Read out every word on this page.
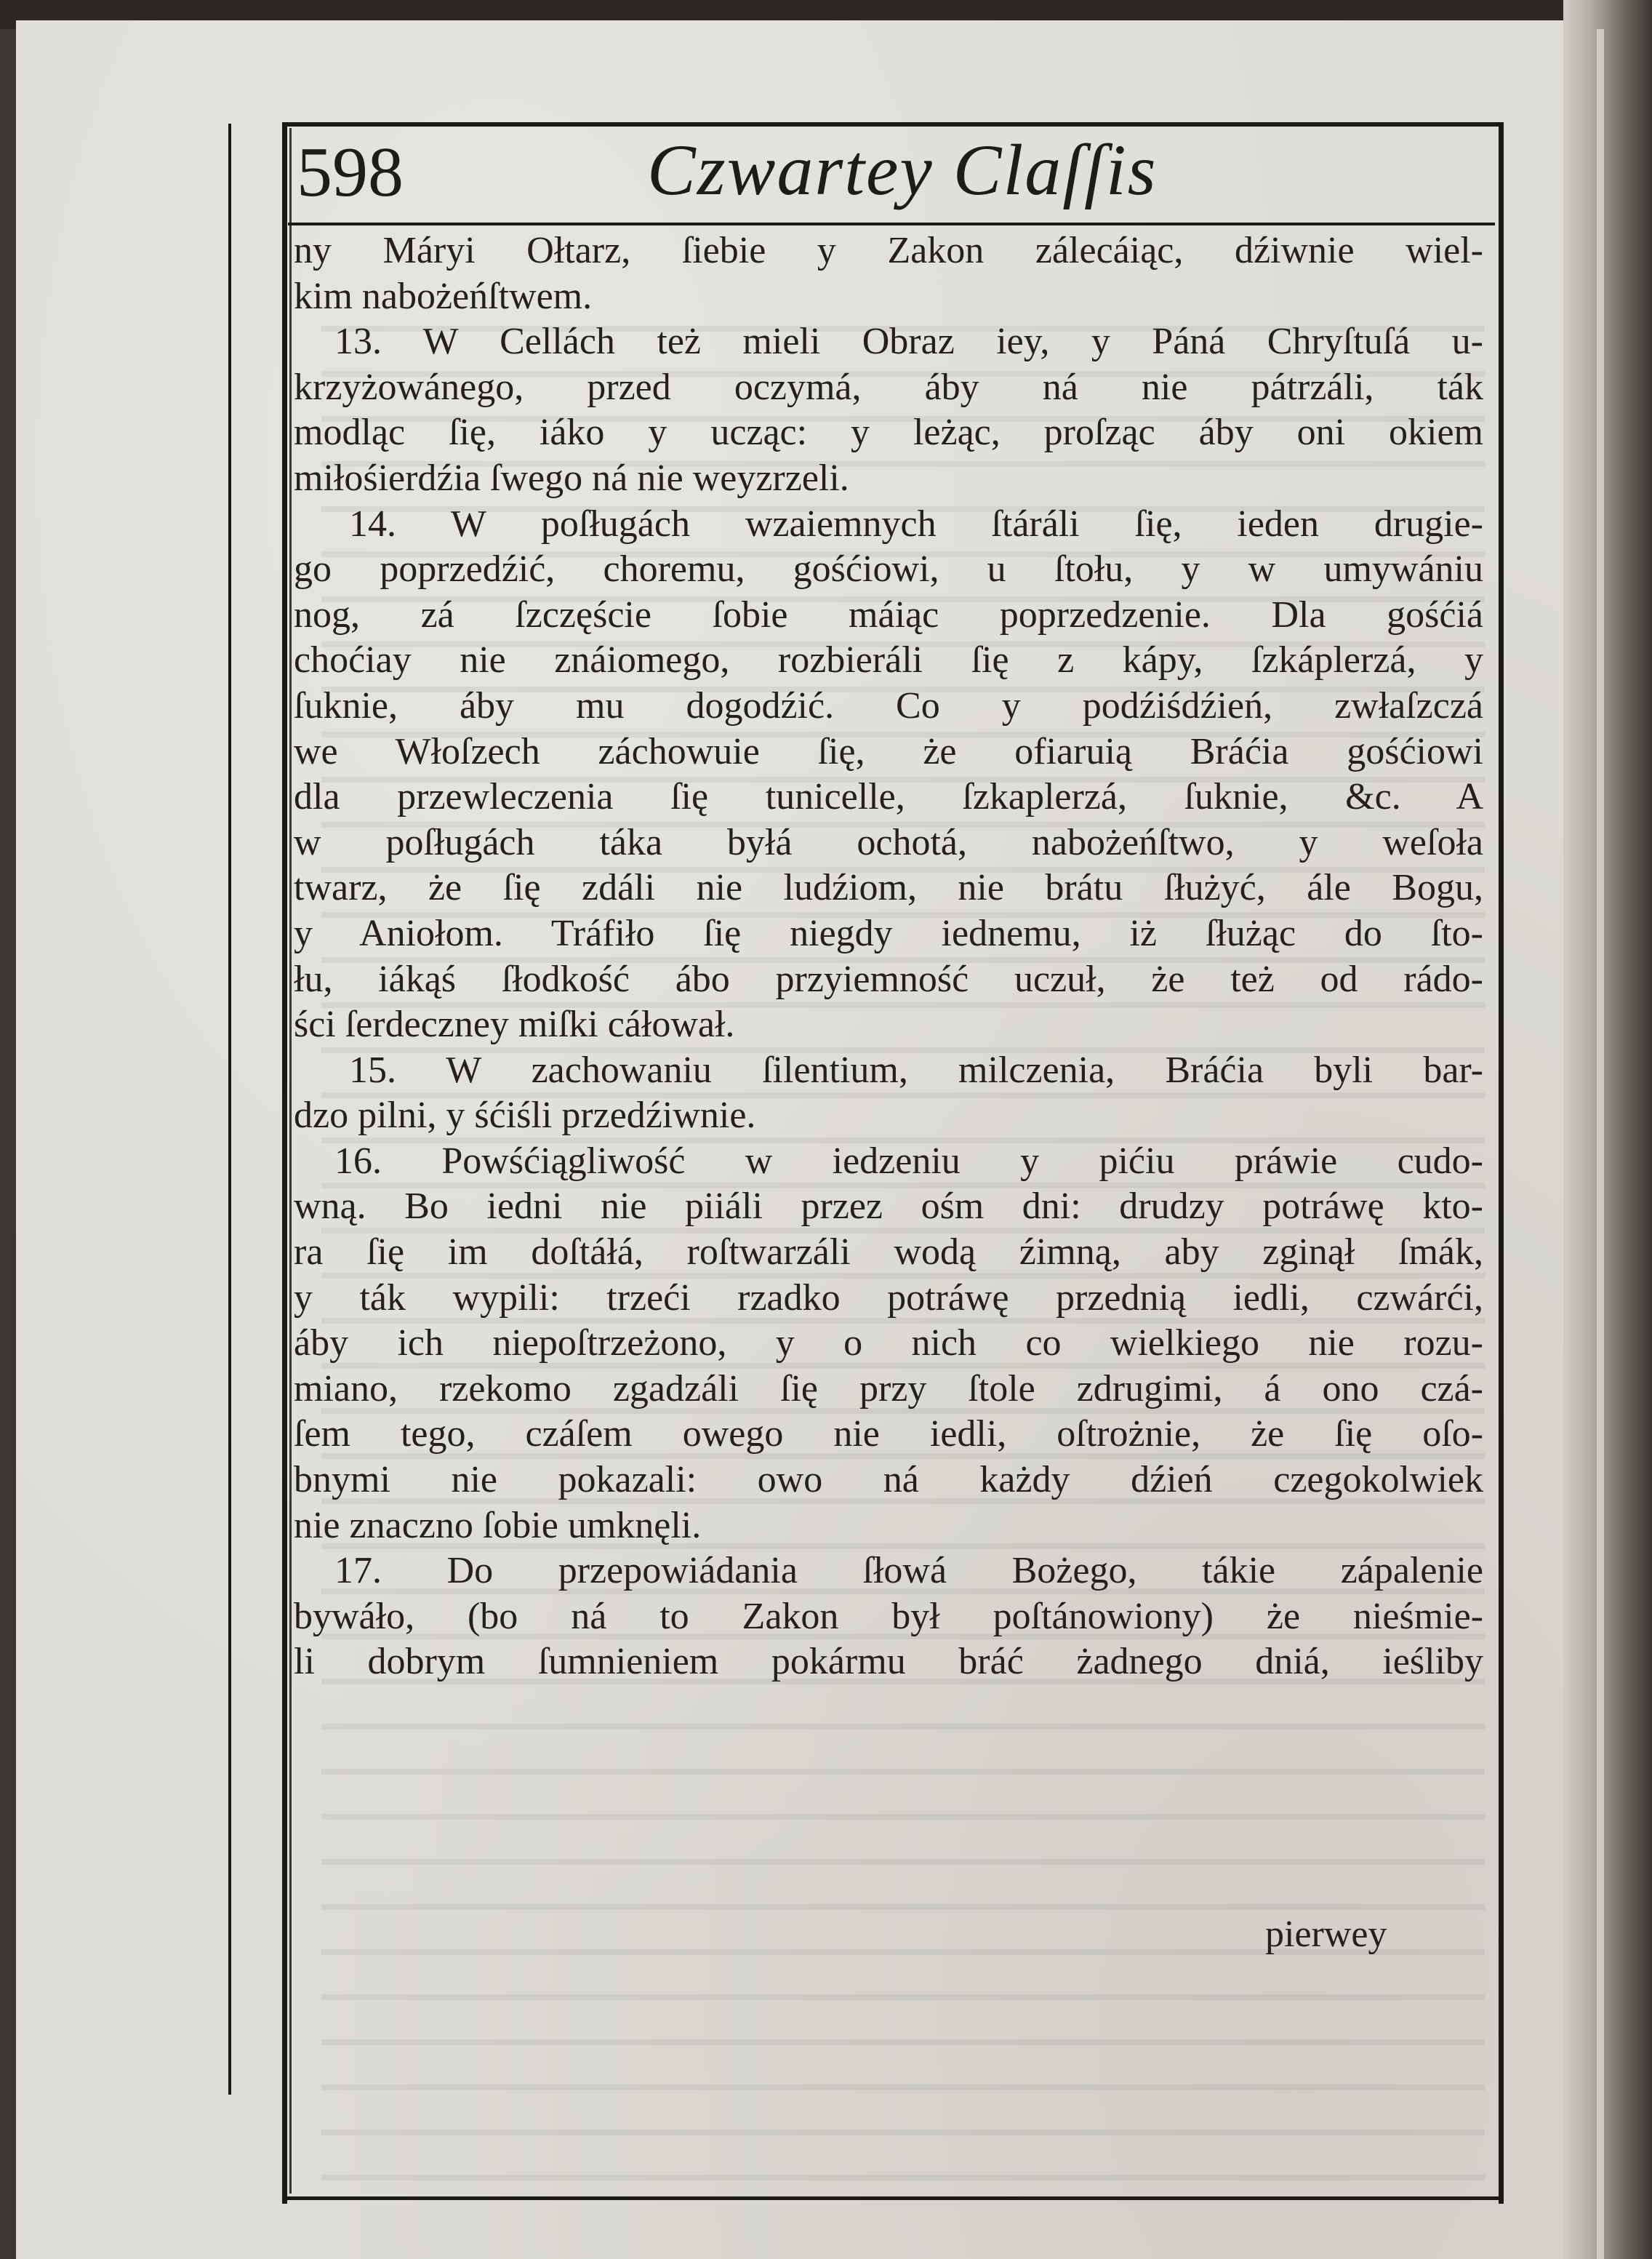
598	Czwartey Claſſis
ny Máryi Ołtarz, ſiebie y Zakon zálecáiąc, dźiwnie wiel-
kim nabożeńſtwem.
13. W Cellách też mieli Obraz iey, y Páná Chryſtuſá u-
krzyżowánego, przed oczymá, áby ná nie pátrzáli, ták
modląc ſię, iáko y ucząc: y leżąc, proſząc áby oni okiem
miłośierdźia ſwego ná nie weyzrzeli.
14. W poſługách wzaiemnych ſtáráli ſię, ieden drugie-
go poprzedźić, choremu, gośćiowi, u ſtołu, y w umywániu
nog, zá ſzczęście ſobie máiąc poprzedzenie. Dla gośćiá
choćiay nie znáiomego, rozbieráli ſię z kápy, ſzkáplerzá, y
ſuknie, áby mu dogodźić. Co y podźiśdźień, zwłaſzczá
we Włoſzech záchowuie ſię, że ofiaruią Bráćia gośćiowi
dla przewleczenia ſię tunicelle, ſzkaplerzá, ſuknie, &c. A
w poſługách táka byłá ochotá, nabożeńſtwo, y weſoła
twarz, że ſię zdáli nie ludźiom, nie brátu ſłużyć, ále Bogu,
y Aniołom. Tráfiło ſię niegdy iednemu, iż ſłużąc do ſto-
łu, iákąś ſłodkość ábo przyiemność uczuł, że też od rádo-
ści ſerdeczney miſki cáłował.
15. W zachowaniu ſilentium, milczenia, Bráćia byli bar-
dzo pilni, y śćiśli przedźiwnie.
16. Powśćiągliwość w iedzeniu y pićiu práwie cudo-
wną. Bo iedni nie piiáli przez ośm dni: drudzy potráwę kto-
ra ſię im doſtáłá, roſtwarzáli wodą źimną, aby zginął ſmák,
y ták wypili: trzeći rzadko potráwę przednią iedli, czwárći,
áby ich niepoſtrzeżono, y o nich co wielkiego nie rozu-
miano, rzekomo zgadzáli ſię przy ſtole zdrugimi, á ono czá-
ſem tego, czáſem owego nie iedli, oſtrożnie, że ſię oſo-
bnymi nie pokazali: owo ná każdy dźień czegokolwiek
nie znaczno ſobie umknęli.
17. Do przepowiádania ſłowá Bożego, tákie zápalenie
bywáło, (bo ná to Zakon był poſtánowiony) że nieśmie-
li dobrym ſumnieniem pokármu bráć żadnego dniá, ieśliby
pierwey
